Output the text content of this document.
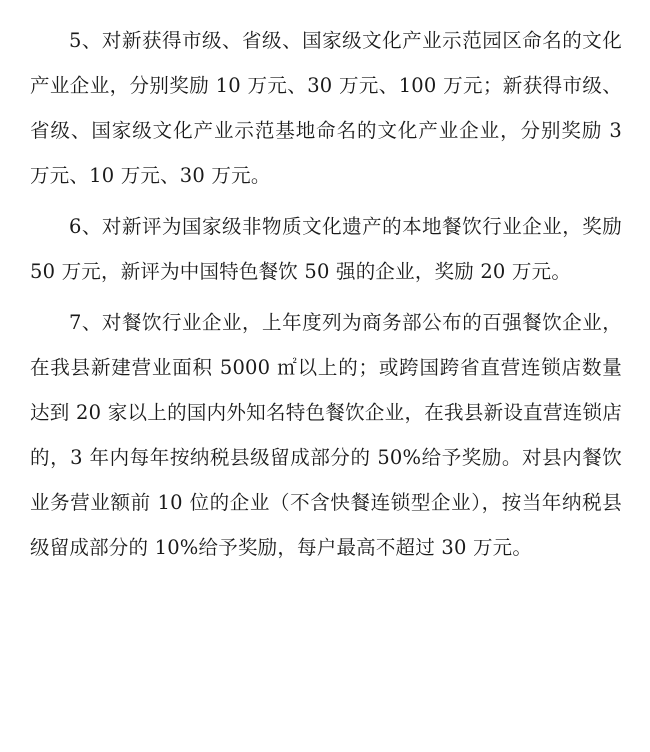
5、对新获得市级、省级、国家级文化产业示范园区命名的文化产业企业，分别奖励 10 万元、30 万元、100 万元；新获得市级、省级、国家级文化产业示范基地命名的文化产业企业，分别奖励 3 万元、10 万元、30 万元。

6、对新评为国家级非物质文化遗产的本地餐饮行业企业，奖励 50 万元，新评为中国特色餐饮 50 强的企业，奖励 20 万元。

7、对餐饮行业企业，上年度列为商务部公布的百强餐饮企业，在我县新建营业面积 5000 ㎡以上的；或跨国跨省直营连锁店数量达到 20 家以上的国内外知名特色餐饮企业，在我县新设直营连锁店的，3 年内每年按纳税县级留成部分的 50%给予奖励。对县内餐饮业务营业额前 10 位的企业（不含快餐连锁型企业），按当年纳税县级留成部分的 10%给予奖励，每户最高不超过 30 万元。
